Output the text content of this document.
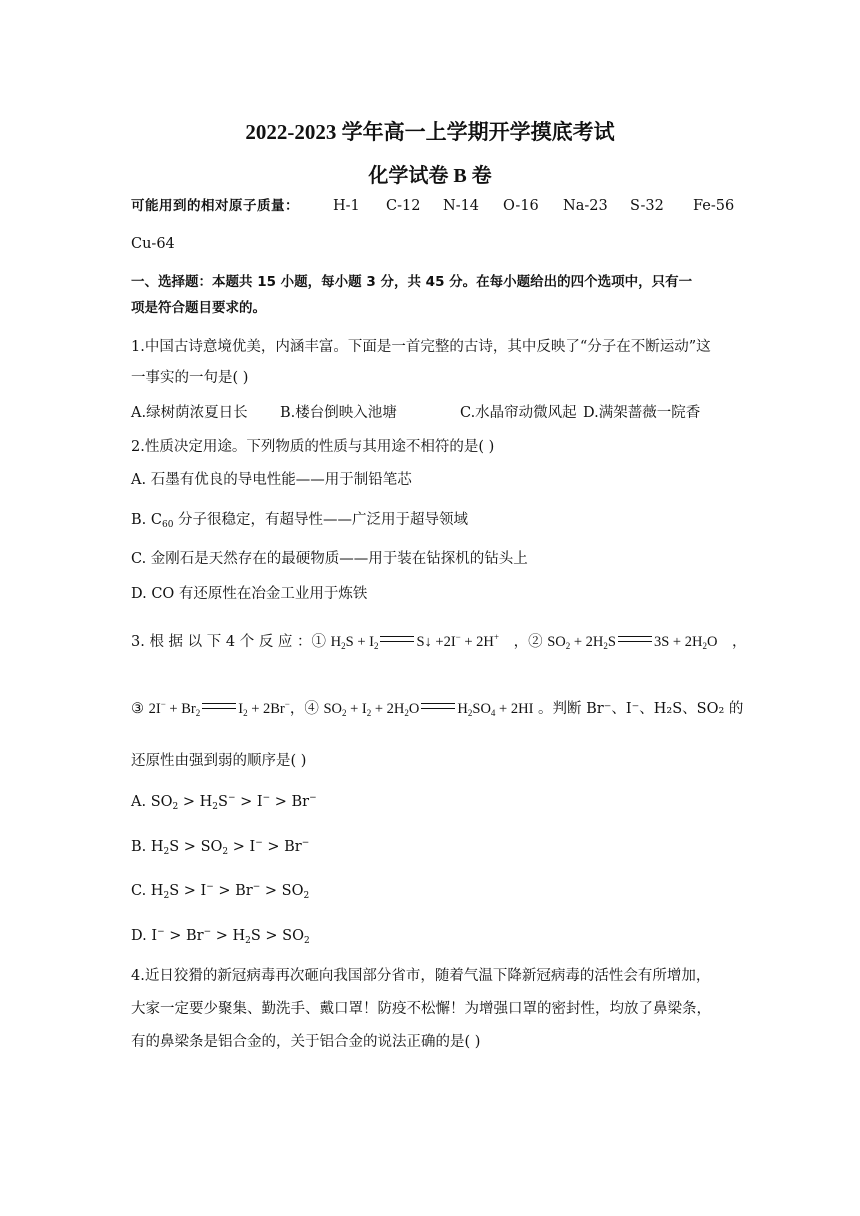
2022-2023 学年高一上学期开学摸底考试
化学试卷 B 卷
可能用到的相对原子质量： H-1 C-12 N-14 O-16 Na-23 S-32 Fe-56
Cu-64
一、选择题：本题共 15 小题，每小题 3 分，共 45 分。在每小题给出的四个选项中，只有一
项是符合题目要求的。
1.中国古诗意境优美，内涵丰富。下面是一首完整的古诗，其中反映了“分子在不断运动”这
一事实的一句是( )
A.绿树荫浓夏日长 B.楼台倒映入池塘	C.水晶帘动微风起 D.满架蔷薇一院香
2.性质决定用途。下列物质的性质与其用途不相符的是( )
A. 石墨有优良的导电性能——用于制铅笔芯
B. $C_{60}$ 分子很稳定，有超导性——广泛用于超导领域
C. 金刚石是天然存在的最硬物质——用于装在钻探机的钻头上
D. CO 有还原性在冶金工业用于炼铁
3. 根 据 以 下 4 个 反 应 ：① $H_2S + I_2$	S↓ +2I− + 2H+ ，② $SO_2 + 2H_2S$	$3S + 2H_2O$ ，
③ $2I^- + Br_2$	$I_2 + 2Br^-$，④ $SO_2 + I_2 + 2H_2O$	$H_2SO_4 + 2HI$ 。判断 Br⁻、I⁻、H₂S、SO₂ 的
还原性由强到弱的顺序是( )
A. $SO_2 > H_2S^- > I^- > Br^-$
B. $H_2S > SO_2 > I^- > Br^-$
C. $H_2S > I^- > Br^- > SO_2$
D. $I^- > Br^- > H_2S > SO_2$
4.近日狡猾的新冠病毒再次砸向我国部分省市，随着气温下降新冠病毒的活性会有所增加，
大家一定要少聚集、勤洗手、戴口罩！防疫不松懈！为增强口罩的密封性，均放了鼻梁条，
有的鼻梁条是铝合金的，关于铝合金的说法正确的是( )
